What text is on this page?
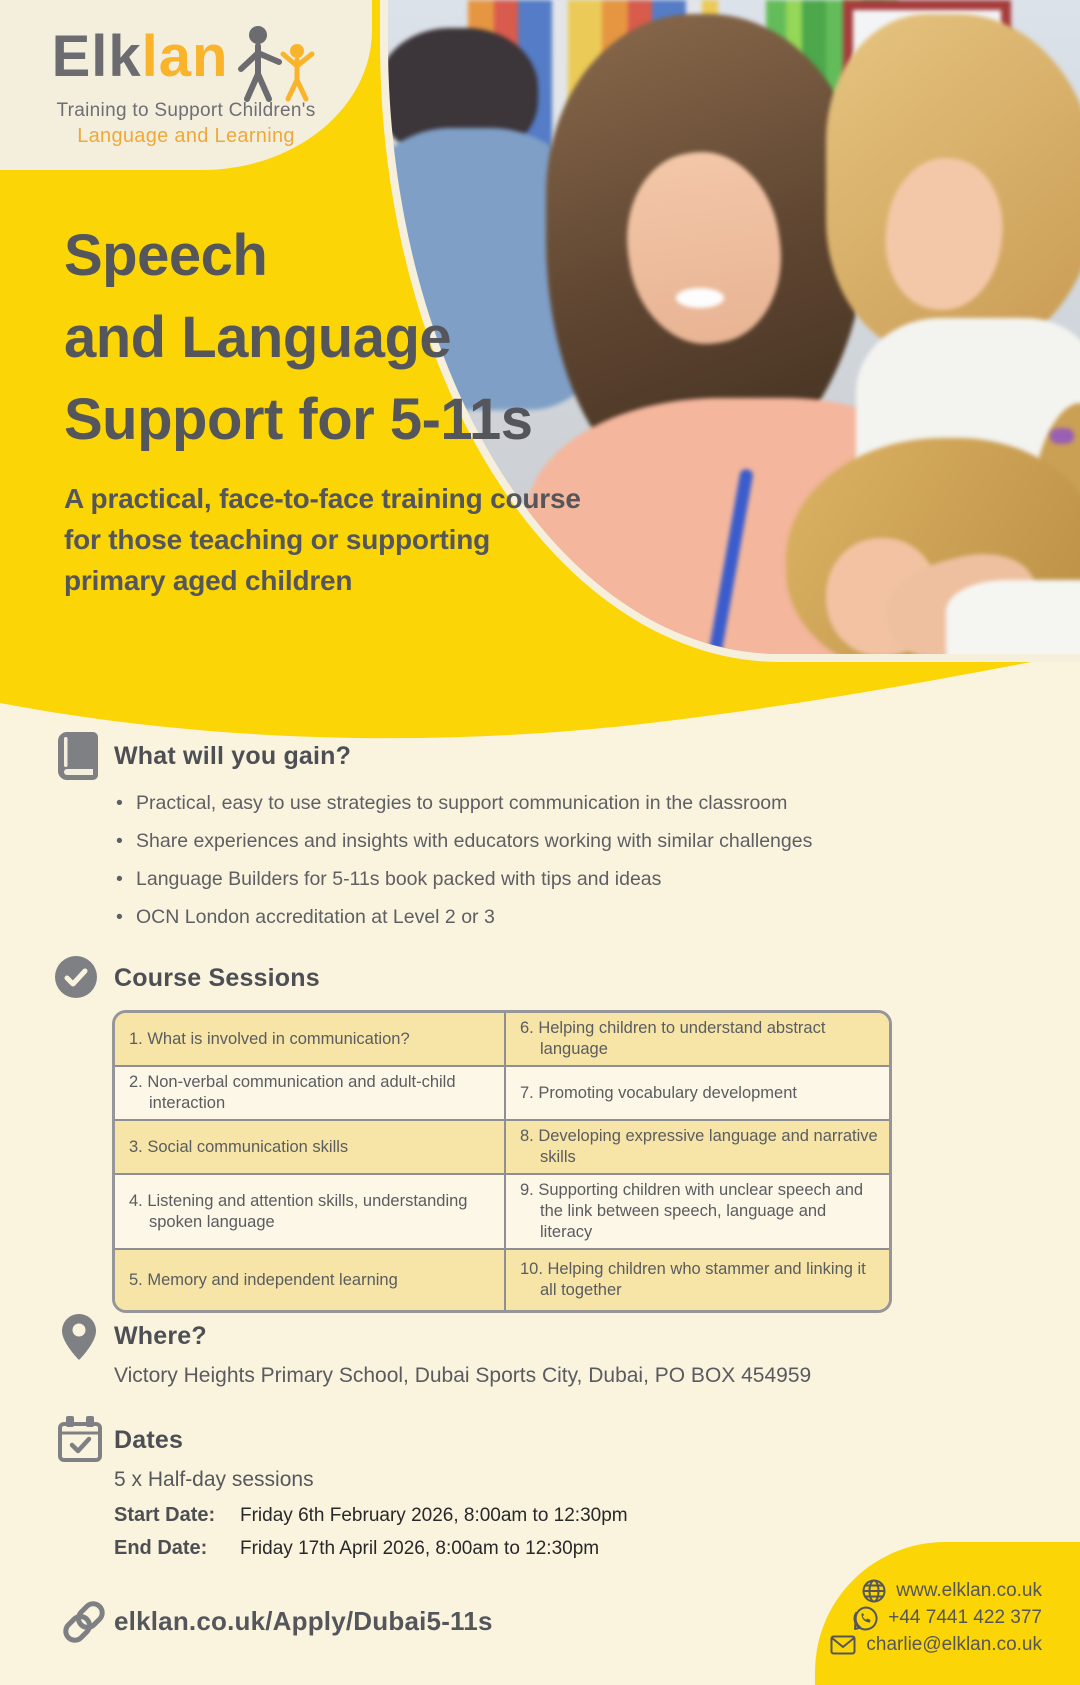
Elk lan
Training to Support Children's
Language and Learning
Speech
and Language
Support for 5-11s

A practical, face-to-face training course
for those teaching or supporting
primary aged children

What will you gain?
• Practical, easy to use strategies to support communication in the classroom
• Share experiences and insights with educators working with similar challenges
• Language Builders for 5-11s book packed with tips and ideas
• OCN London accreditation at Level 2 or 3
Course Sessions
1. What is involved in communication?	6. Helping children to understand abstract language
2. Non-verbal communication and adult-child interaction	7. Promoting vocabulary development
3. Social communication skills	8. Developing expressive language and narrative skills
4. Listening and attention skills, understanding spoken language	9. Supporting children with unclear speech and the link between speech, language and literacy
5. Memory and independent learning	10. Helping children who stammer and linking it all together
Where?
Victory Heights Primary School, Dubai Sports City, Dubai, PO BOX 454959
Dates
5 x Half-day sessions
Start Date: Friday 6th February 2026, 8:00am to 12:30pm
End Date: Friday 17th April 2026, 8:00am to 12:30pm
elklan.co.uk/Apply/Dubai5-11s
www.elklan.co.uk
+44 7441 422 377
charlie@elklan.co.uk
